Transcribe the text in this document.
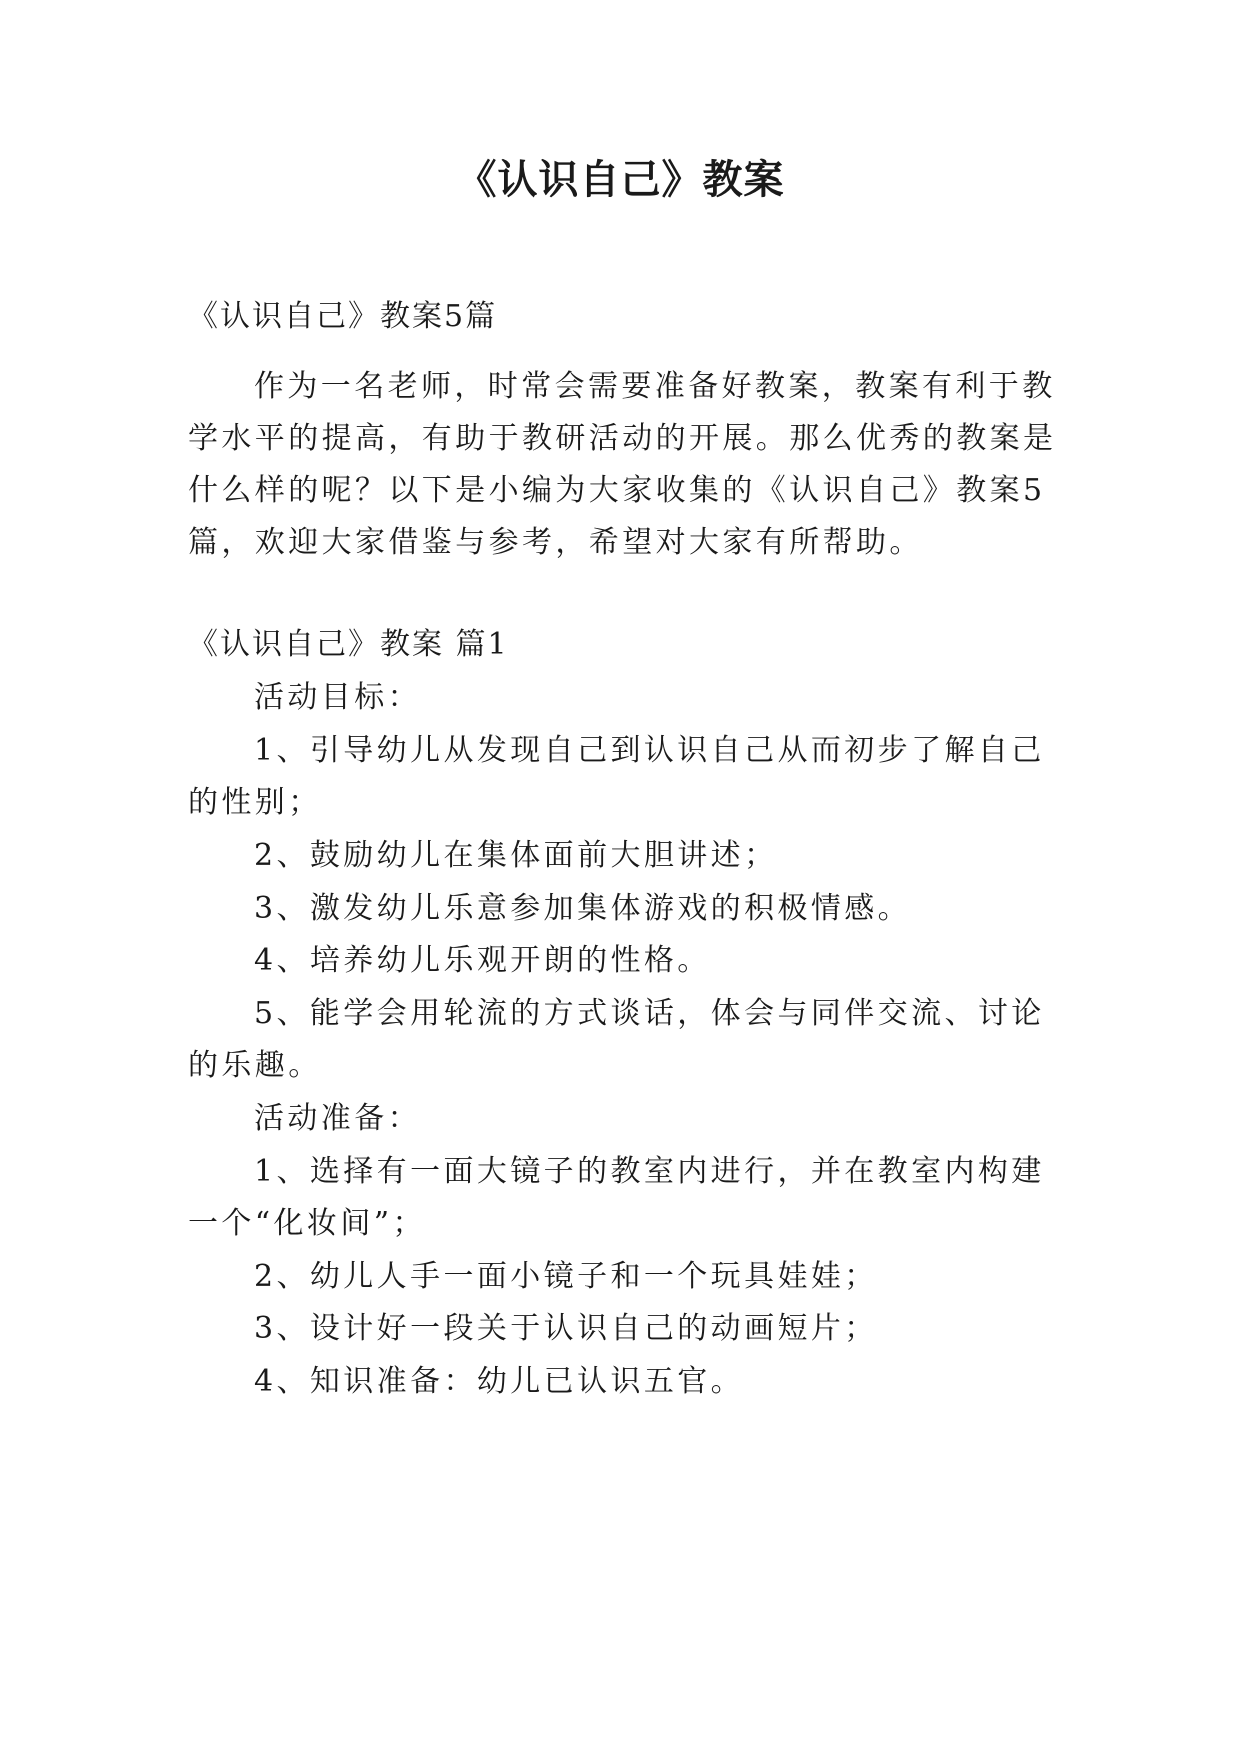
《认识自己》教案
《认识自己》教案5篇
作为一名老师，时常会需要准备好教案，教案有利于教
学水平的提高，有助于教研活动的开展。那么优秀的教案是
什么样的呢？以下是小编为大家收集的《认识自己》教案5
篇，欢迎大家借鉴与参考，希望对大家有所帮助。
《认识自己》教案 篇1
活动目标：
1、引导幼儿从发现自己到认识自己从而初步了解自己
的性别；
2、鼓励幼儿在集体面前大胆讲述；
3、激发幼儿乐意参加集体游戏的积极情感。
4、培养幼儿乐观开朗的性格。
5、能学会用轮流的方式谈话，体会与同伴交流、讨论
的乐趣。
活动准备：
1、选择有一面大镜子的教室内进行，并在教室内构建
一个“化妆间”；
2、幼儿人手一面小镜子和一个玩具娃娃；
3、设计好一段关于认识自己的动画短片；
4、知识准备：幼儿已认识五官。
